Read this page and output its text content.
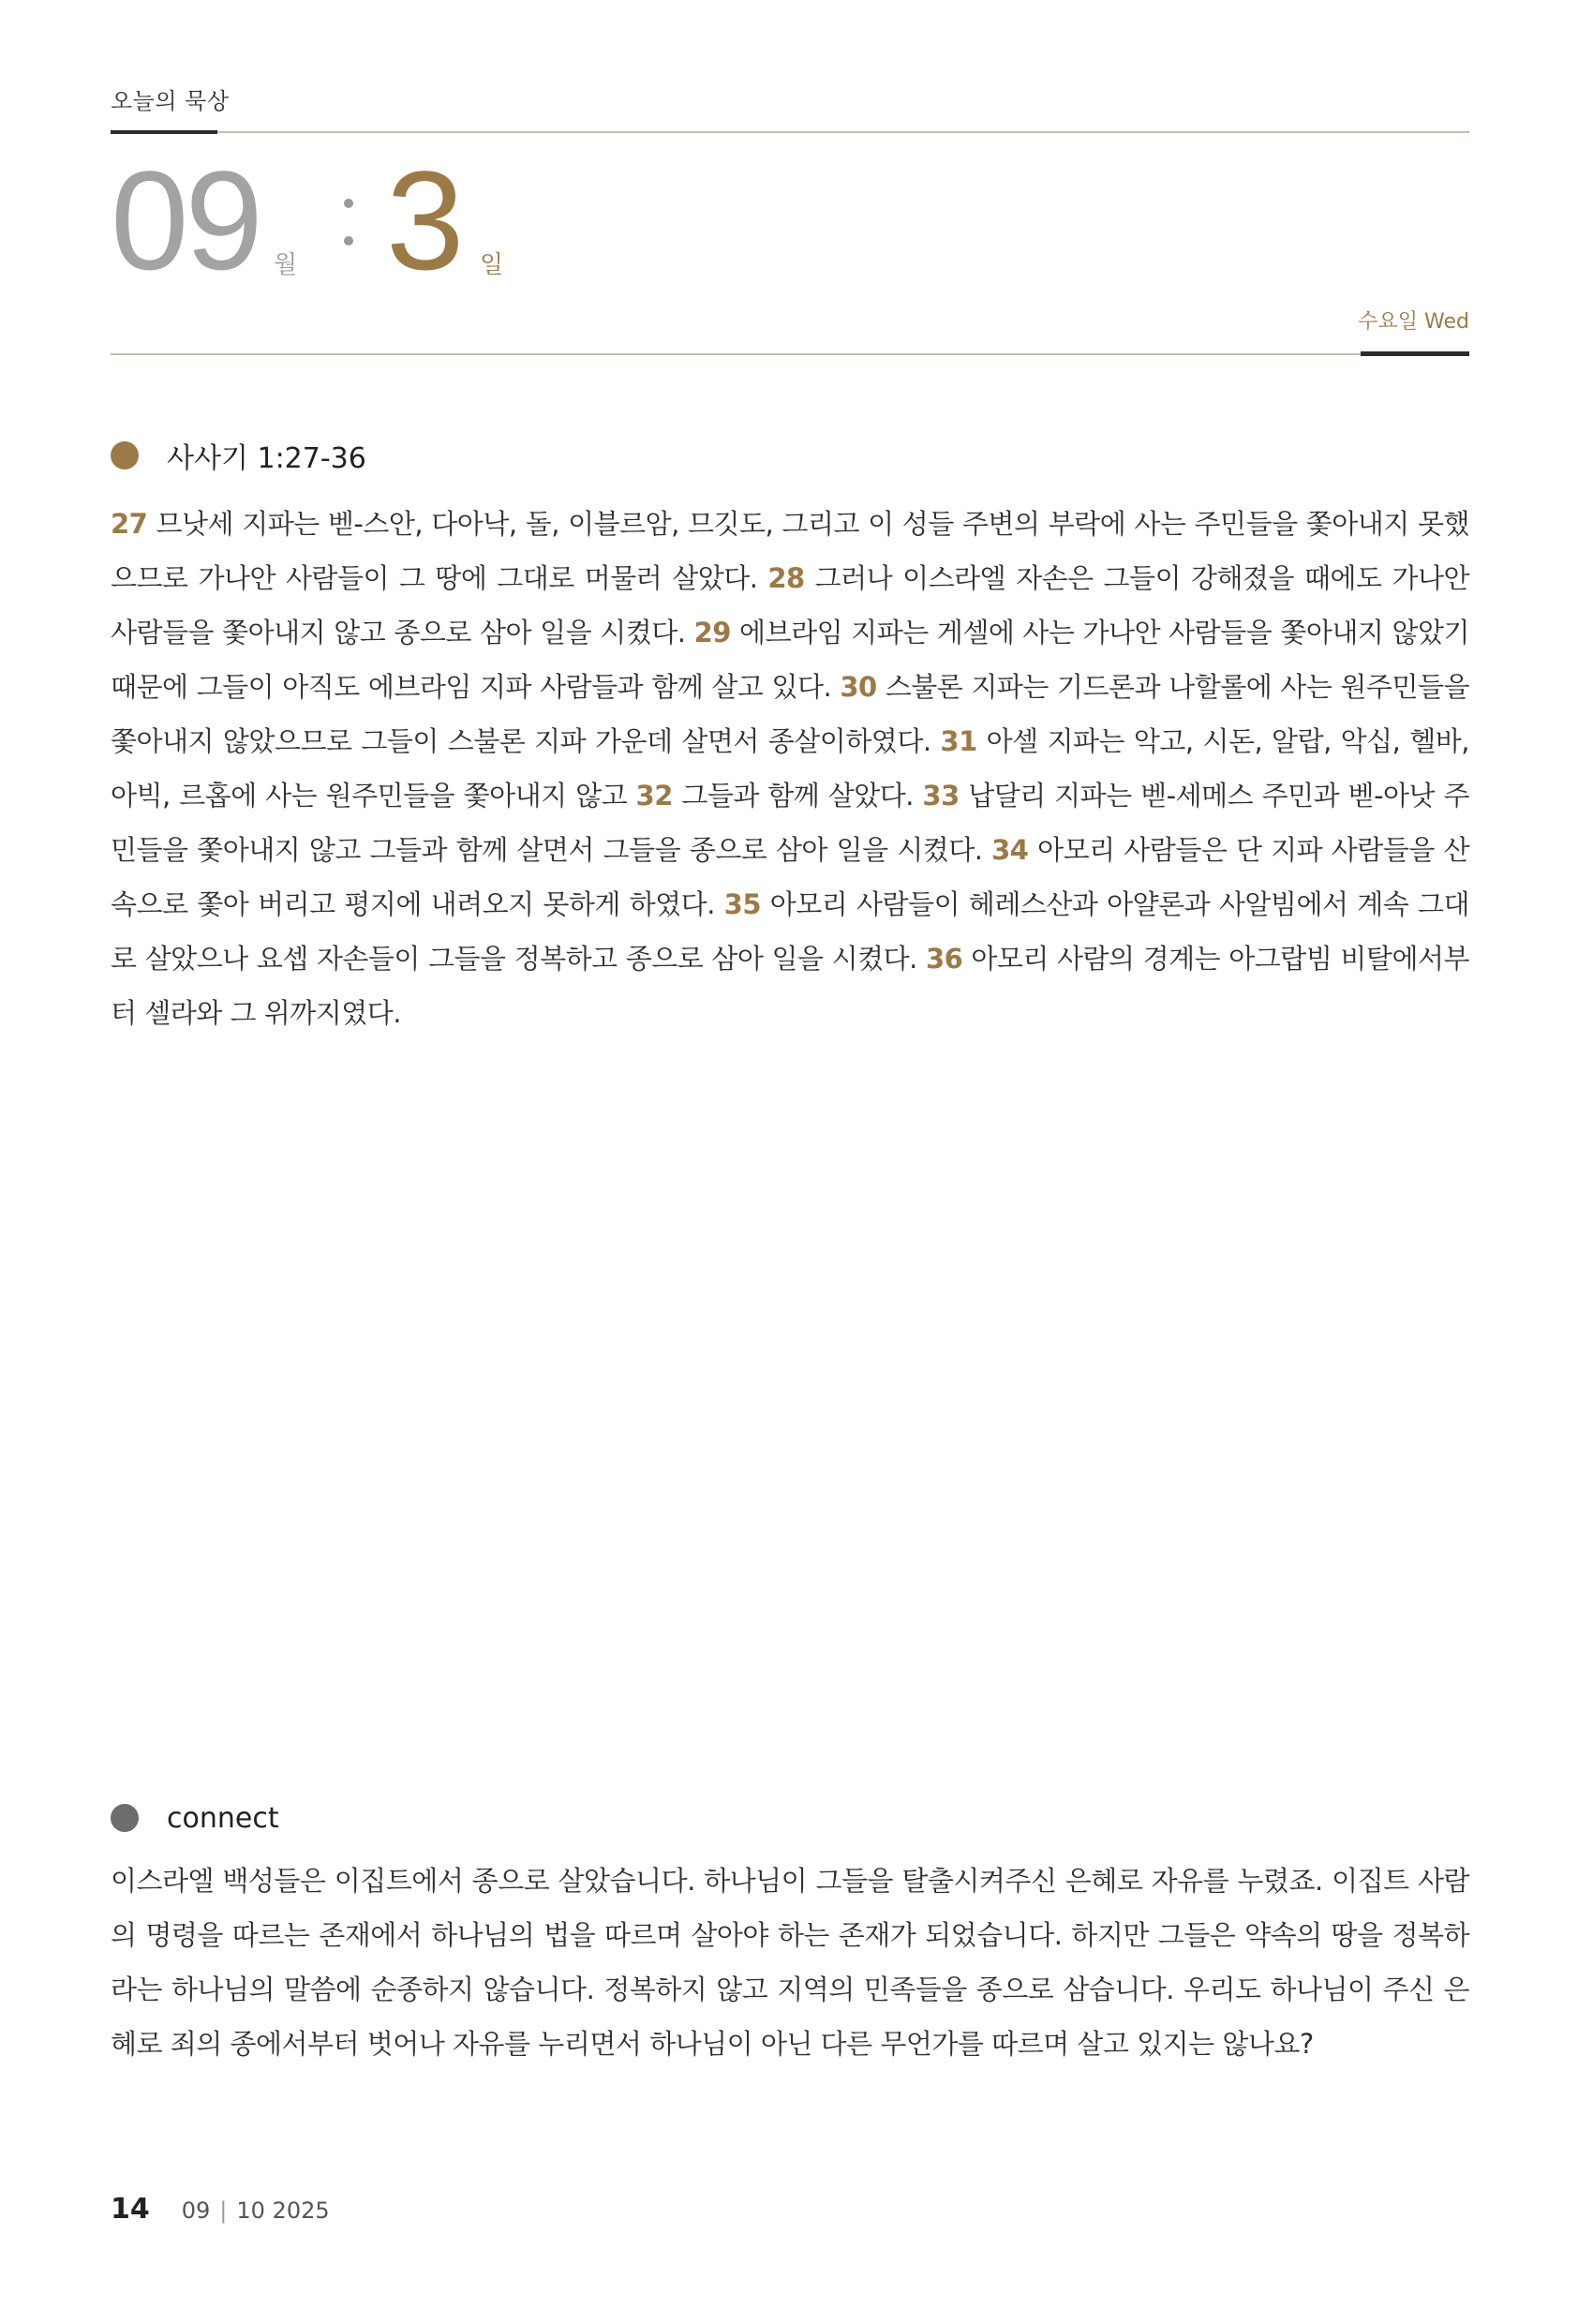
오늘의 묵상
09 월 3 일
수요일 Wed
사사기 1:27-36
27 므낫세 지파는 벧-스안, 다아낙, 돌, 이블르암, 므깃도, 그리고 이 성들 주변의 부락에 사는 주민들을 쫓아내지 못했으므로 가나안 사람들이 그 땅에 그대로 머물러 살았다. 28 그러나 이스라엘 자손은 그들이 강해졌을 때에도 가나안 사람들을 쫓아내지 않고 종으로 삼아 일을 시켰다. 29 에브라임 지파는 게셀에 사는 가나안 사람들을 쫓아내지 않았기 때문에 그들이 아직도 에브라임 지파 사람들과 함께 살고 있다. 30 스불론 지파는 기드론과 나할롤에 사는 원주민들을 쫓아내지 않았으므로 그들이 스불론 지파 가운데 살면서 종살이하였다. 31 아셀 지파는 악고, 시돈, 알랍, 악십, 헬바, 아빅, 르홉에 사는 원주민들을 쫓아내지 않고 32 그들과 함께 살았다. 33 납달리 지파는 벧-세메스 주민과 벧-아낫 주민들을 쫓아내지 않고 그들과 함께 살면서 그들을 종으로 삼아 일을 시켰다. 34 아모리 사람들은 단 지파 사람들을 산 속으로 쫓아 버리고 평지에 내려오지 못하게 하였다. 35 아모리 사람들이 헤레스산과 아얄론과 사알빔에서 계속 그대로 살았으나 요셉 자손들이 그들을 정복하고 종으로 삼아 일을 시켰다. 36 아모리 사람의 경계는 아그랍빔 비탈에서부터 셀라와 그 위까지였다.
connect
이스라엘 백성들은 이집트에서 종으로 살았습니다. 하나님이 그들을 탈출시켜주신 은혜로 자유를 누렸죠. 이집트 사람의 명령을 따르는 존재에서 하나님의 법을 따르며 살아야 하는 존재가 되었습니다. 하지만 그들은 약속의 땅을 정복하라는 하나님의 말씀에 순종하지 않습니다. 정복하지 않고 지역의 민족들을 종으로 삼습니다. 우리도 하나님이 주신 은혜로 죄의 종에서부터 벗어나 자유를 누리면서 하나님이 아닌 다른 무언가를 따르며 살고 있지는 않나요?
14 09 | 10 2025
